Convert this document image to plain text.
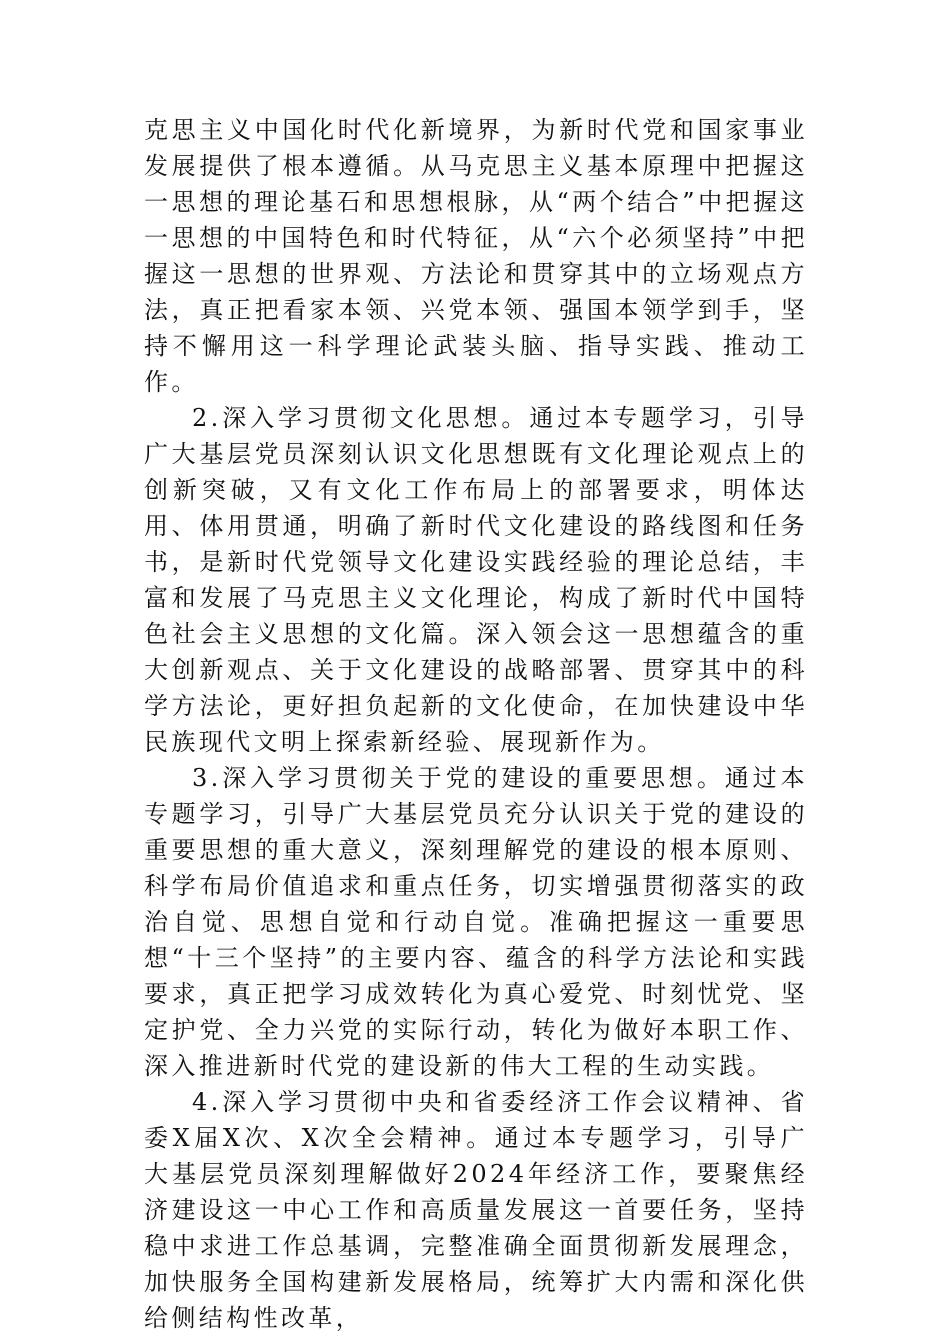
克思主义中国化时代化新境界，为新时代党和国家事业发展提供了根本遵循。从马克思主义基本原理中把握这一思想的理论基石和思想根脉，从“两个结合”中把握这一思想的中国特色和时代特征，从“六个必须坚持”中把握这一思想的世界观、方法论和贯穿其中的立场观点方法，真正把看家本领、兴党本领、强国本领学到手，坚持不懈用这一科学理论武装头脑、指导实践、推动工作。

2.深入学习贯彻文化思想。通过本专题学习，引导广大基层党员深刻认识文化思想既有文化理论观点上的创新突破，又有文化工作布局上的部署要求，明体达用、体用贯通，明确了新时代文化建设的路线图和任务书，是新时代党领导文化建设实践经验的理论总结，丰富和发展了马克思主义文化理论，构成了新时代中国特色社会主义思想的文化篇。深入领会这一思想蕴含的重大创新观点、关于文化建设的战略部署、贯穿其中的科学方法论，更好担负起新的文化使命，在加快建设中华民族现代文明上探索新经验、展现新作为。

3.深入学习贯彻关于党的建设的重要思想。通过本专题学习，引导广大基层党员充分认识关于党的建设的重要思想的重大意义，深刻理解党的建设的根本原则、科学布局价值追求和重点任务，切实增强贯彻落实的政治自觉、思想自觉和行动自觉。准确把握这一重要思想“十三个坚持”的主要内容、蕴含的科学方法论和实践要求，真正把学习成效转化为真心爱党、时刻忧党、坚定护党、全力兴党的实际行动，转化为做好本职工作、深入推进新时代党的建设新的伟大工程的生动实践。

4.深入学习贯彻中央和省委经济工作会议精神、省委X届X次、X次全会精神。通过本专题学习，引导广大基层党员深刻理解做好2024年经济工作，要聚焦经济建设这一中心工作和高质量发展这一首要任务，坚持稳中求进工作总基调，完整准确全面贯彻新发展理念，加快服务全国构建新发展格局，统筹扩大内需和深化供给侧结构性改革，
